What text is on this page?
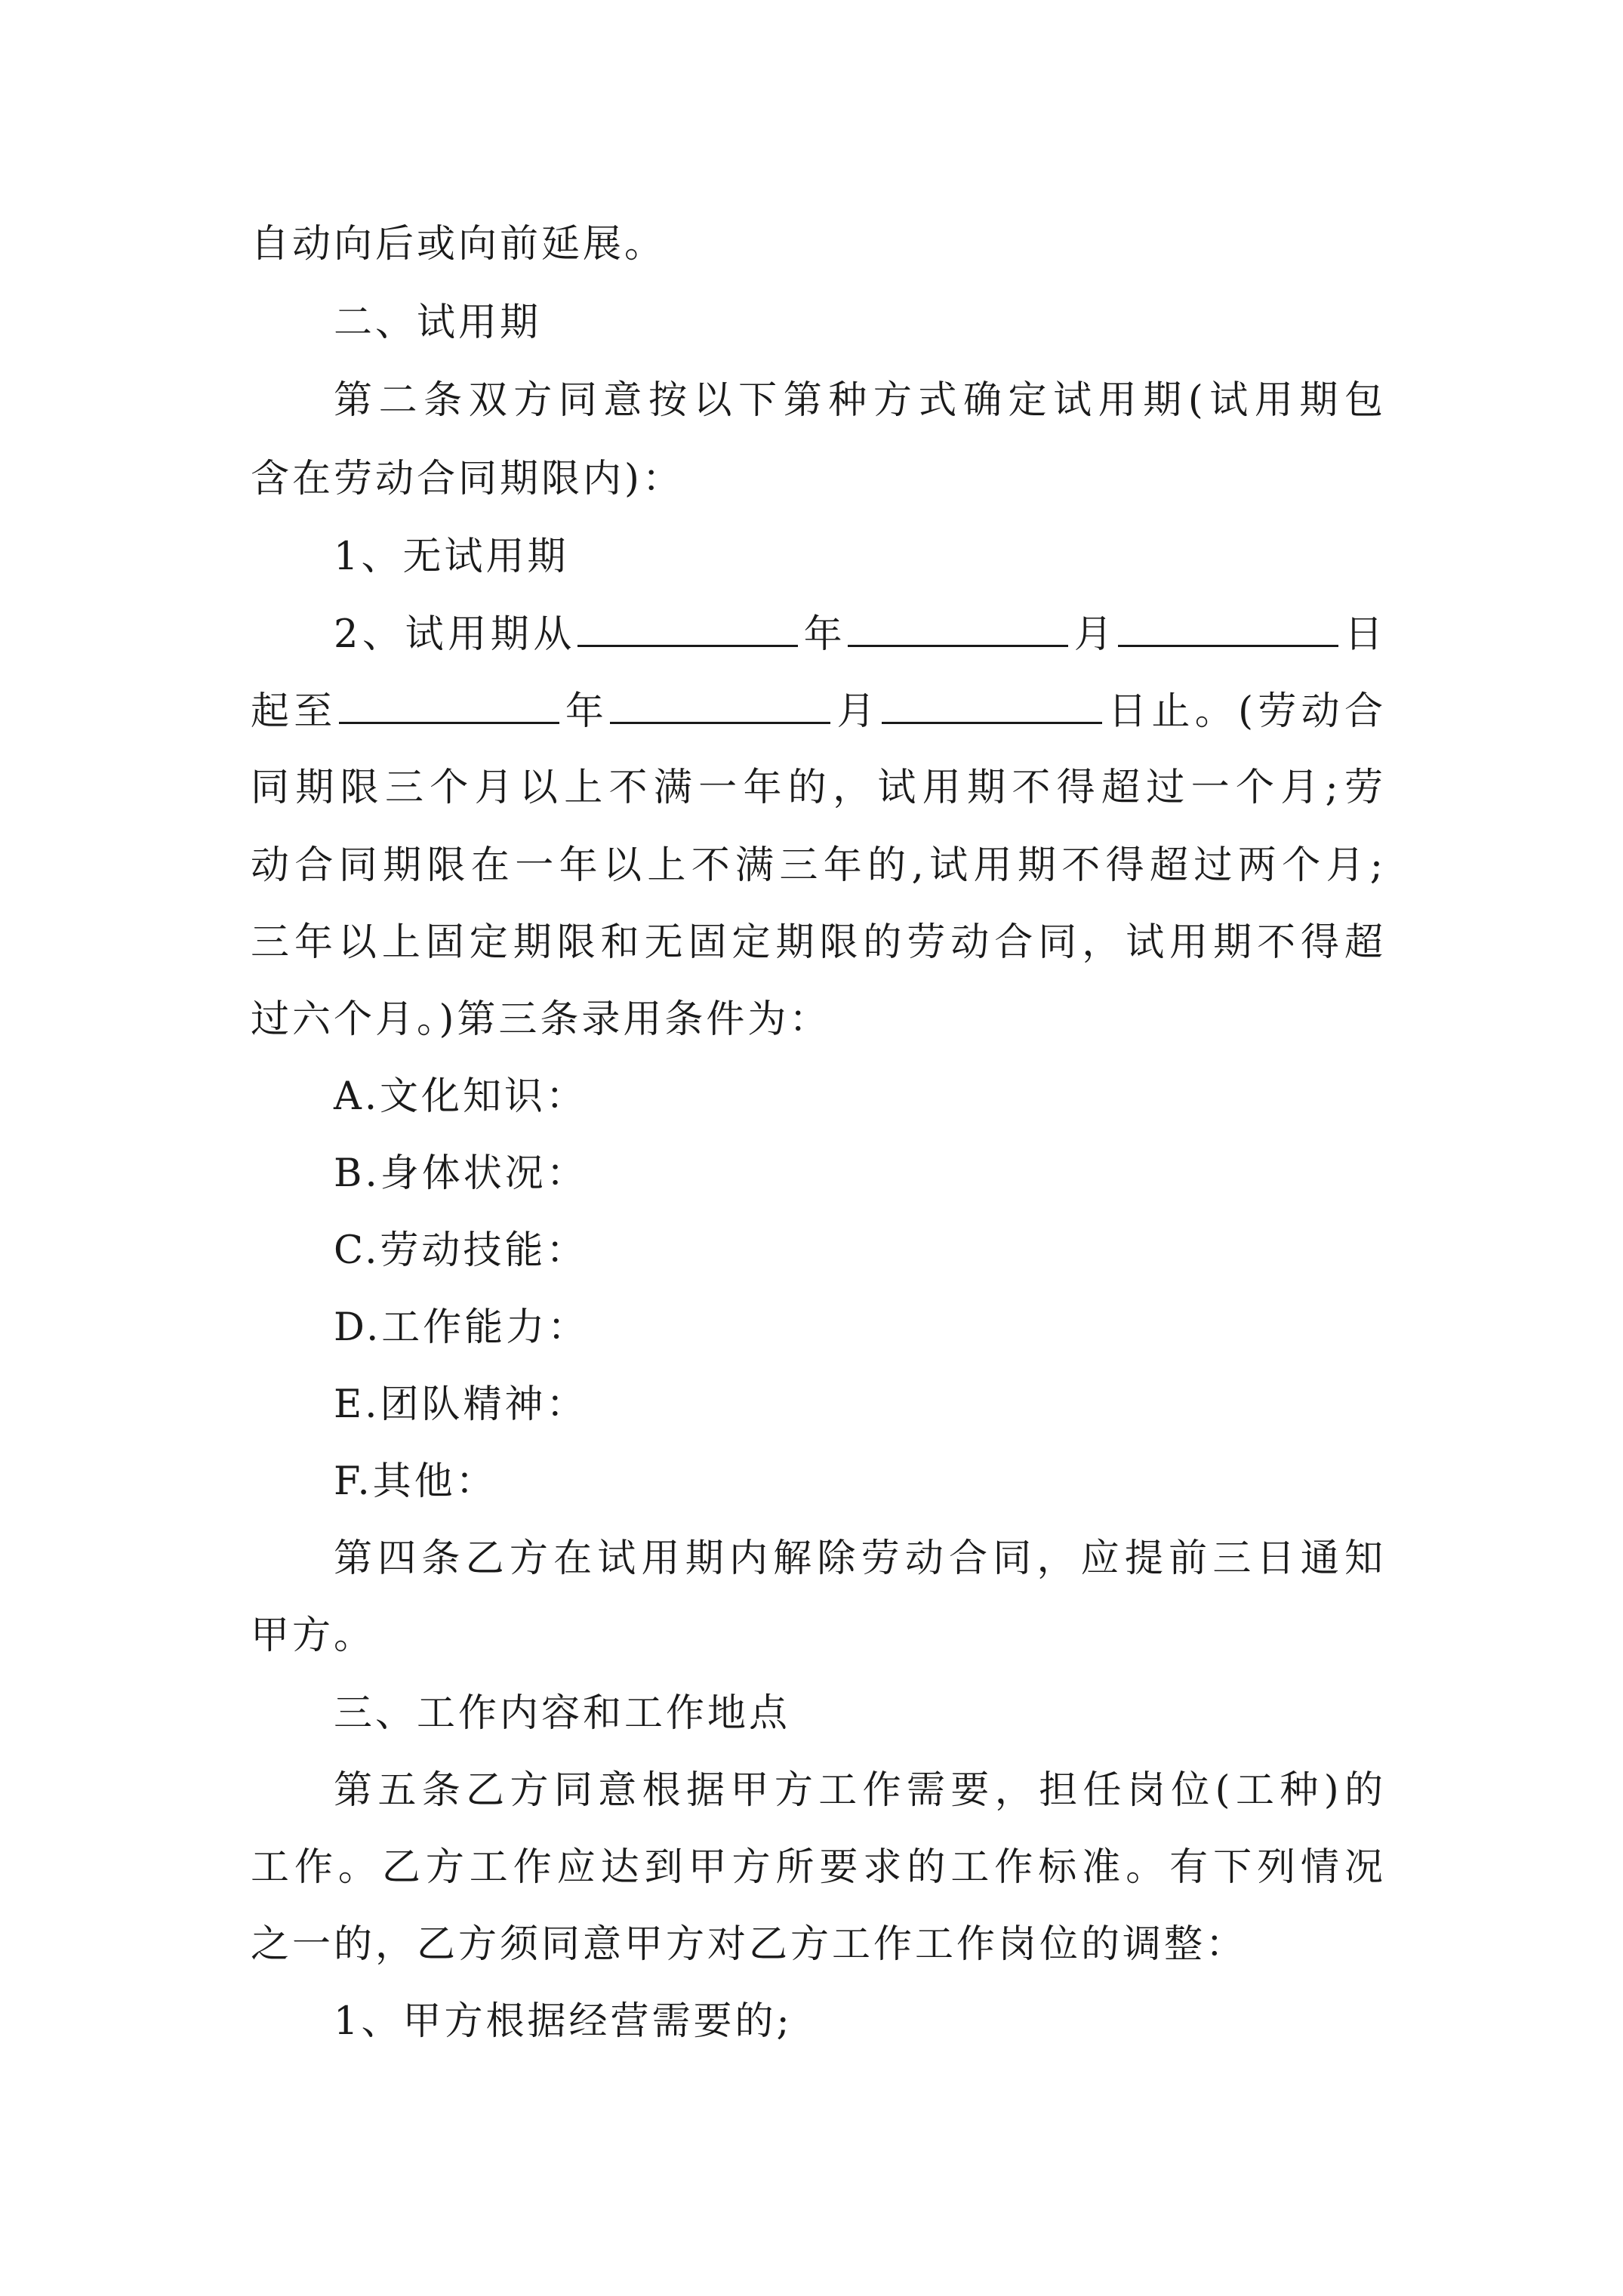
自动向后或向前延展。
二、试用期
第二条双方同意按以下第种方式确定试用期(试用期包
含在劳动合同期限内)：
1、无试用期
2、试用期从	年	月	日
起至	年	月	日止。(劳动合
同期限三个月以上不满一年的，试用期不得超过一个月;劳
动合同期限在一年以上不满三年的,试用期不得超过两个月;
三年以上固定期限和无固定期限的劳动合同，试用期不得超
过六个月。)第三条录用条件为：
A.文化知识：
B.身体状况：
C.劳动技能：
D.工作能力：
E.团队精神：
F.其他：
第四条乙方在试用期内解除劳动合同，应提前三日通知
甲方。
三、工作内容和工作地点
第五条乙方同意根据甲方工作需要，担任岗位(工种)的
工作。乙方工作应达到甲方所要求的工作标准。有下列情况
之一的，乙方须同意甲方对乙方工作工作岗位的调整：
1、甲方根据经营需要的;
